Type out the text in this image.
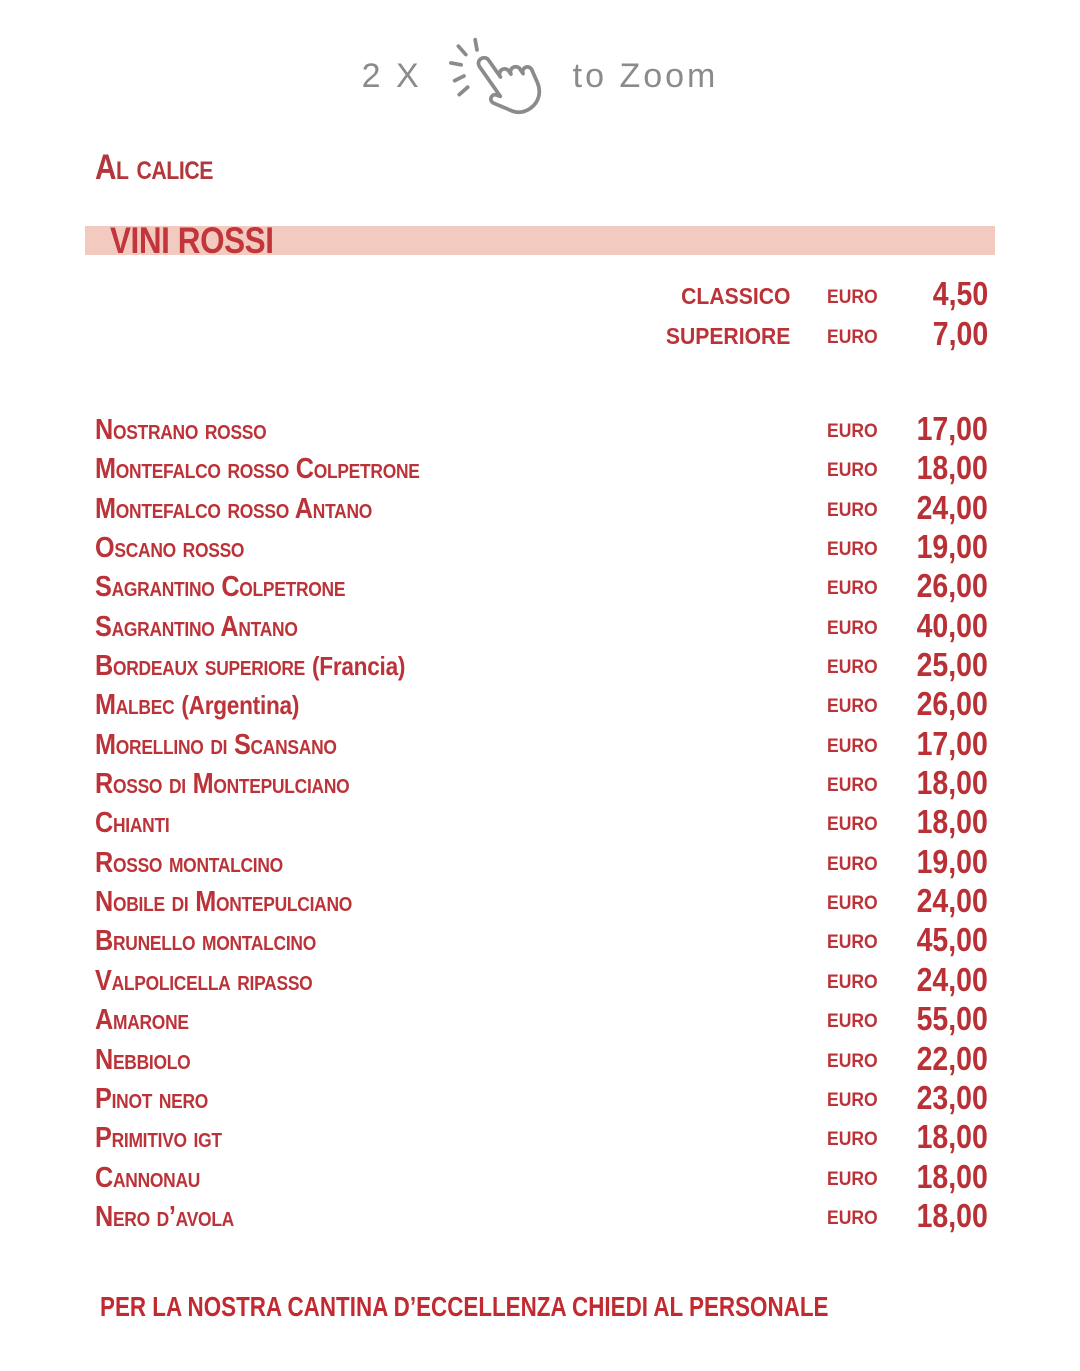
2 X	to Zoom
Al calice
VINI ROSSI
CLASSICO EURO 4,50
SUPERIORE EURO 7,00
Nostrano rosso	EURO 17,00
Montefalco rosso Colpetrone	EURO 18,00
Montefalco rosso Antano	EURO 24,00
Oscano rosso	EURO 19,00
Sagrantino Colpetrone	EURO 26,00
Sagrantino Antano	EURO 40,00
Bordeaux superiore (Francia)	EURO 25,00
Malbec (Argentina)	EURO 26,00
Morellino di Scansano	EURO 17,00
Rosso di Montepulciano	EURO 18,00
Chianti	EURO 18,00
Rosso montalcino	EURO 19,00
Nobile di Montepulciano	EURO 24,00
Brunello montalcino	EURO 45,00
Valpolicella ripasso	EURO 24,00
Amarone	EURO 55,00
Nebbiolo	EURO 22,00
Pinot nero	EURO 23,00
Primitivo igt	EURO 18,00
Cannonau	EURO 18,00
Nero d’avola	EURO 18,00
PER LA NOSTRA CANTINA D’ECCELLENZA CHIEDI AL PERSONALE
